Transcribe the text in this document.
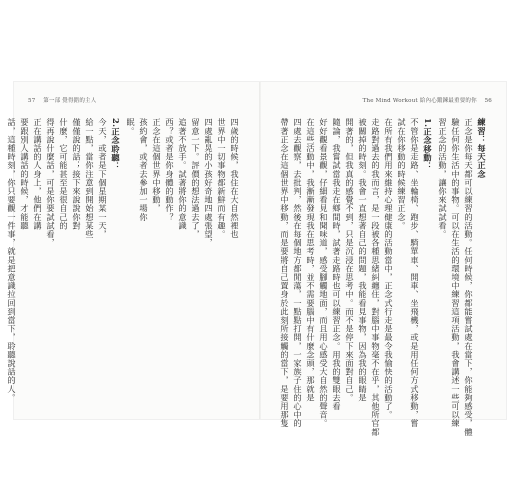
57 第一部 覺得錯的主人
四歲的時候，我住在大自然裡也
世界中一切事物都新鮮而有趣。
四處亂晃的小孩好奇地四處張望，
留意一下。評價的想法過去了，
追著不放手。試著將你的意識
西？或者是你身體的動作？
正念在這個世界中移動，
孩約會，或者去參加一場你
眠。
2.正念聆聽：
今天，或者是下個星期某一天，
給一點，當你注意到開始想某些
僅僅說的話；接下來說說你對
什麼，它可能甚至是很自己的
得再說什麼話，可是你要試試看，
正在講話的人身上，他們在講
要跟別人講話的時候，才能聽
話，這種時刻，你只要觀一件事，就是把意識拉回到當下，聆聽說話的人。
The Mind Workout 給內心鍛鍊最重要的你 56
練習：每天正念
正念是你每天都可以練習的活動。任何時候，你都能嘗試處在當下，你能夠感受，體
驗任何你生活中的事物。可以在生活的環境中練習這項活動，我會講述一些可以練
習正念的活動，讓你來試試看。
1.正念移動：
不管你是走路、坐輪椅、跑步、騎單車、開車、坐飛機，或是用任何方式移動，嘗
試在你移動的時候練習正念。
在所有我們用來維持心理健康的活動當中，正念式行走是最令我愉快的活動了。
走路對過去的我而言，是一段被各種思緒糾纏住，對腦中事物毫不在乎，其他所官都
被關掉的時刻。我會一直想著自己的問題，我能看見事物，因為我的眼睛是
開著的，但我真的感覺不到，只是沉浸在思考中。而不是停下來面對自己。
隨論，我嘗試當我走在鄉間時，試著走路時也可以練習正念。用我的雙眼去看
好好觀看景觀，仔細看見和聞味道，感受腳觸地面，而且用心感受大自然的聲音。
在這些活動中，我漸漸發現我在思考時，並不需要腦中有什麼念頭，那就是
四處去觀察，去批判，然後在每個地方都閒蕩，一點點打開，一家族子住的心中的
帶著正念在這個世界中移動，而是要將自己置身於此刻所接觸的當下，是要用那隻
